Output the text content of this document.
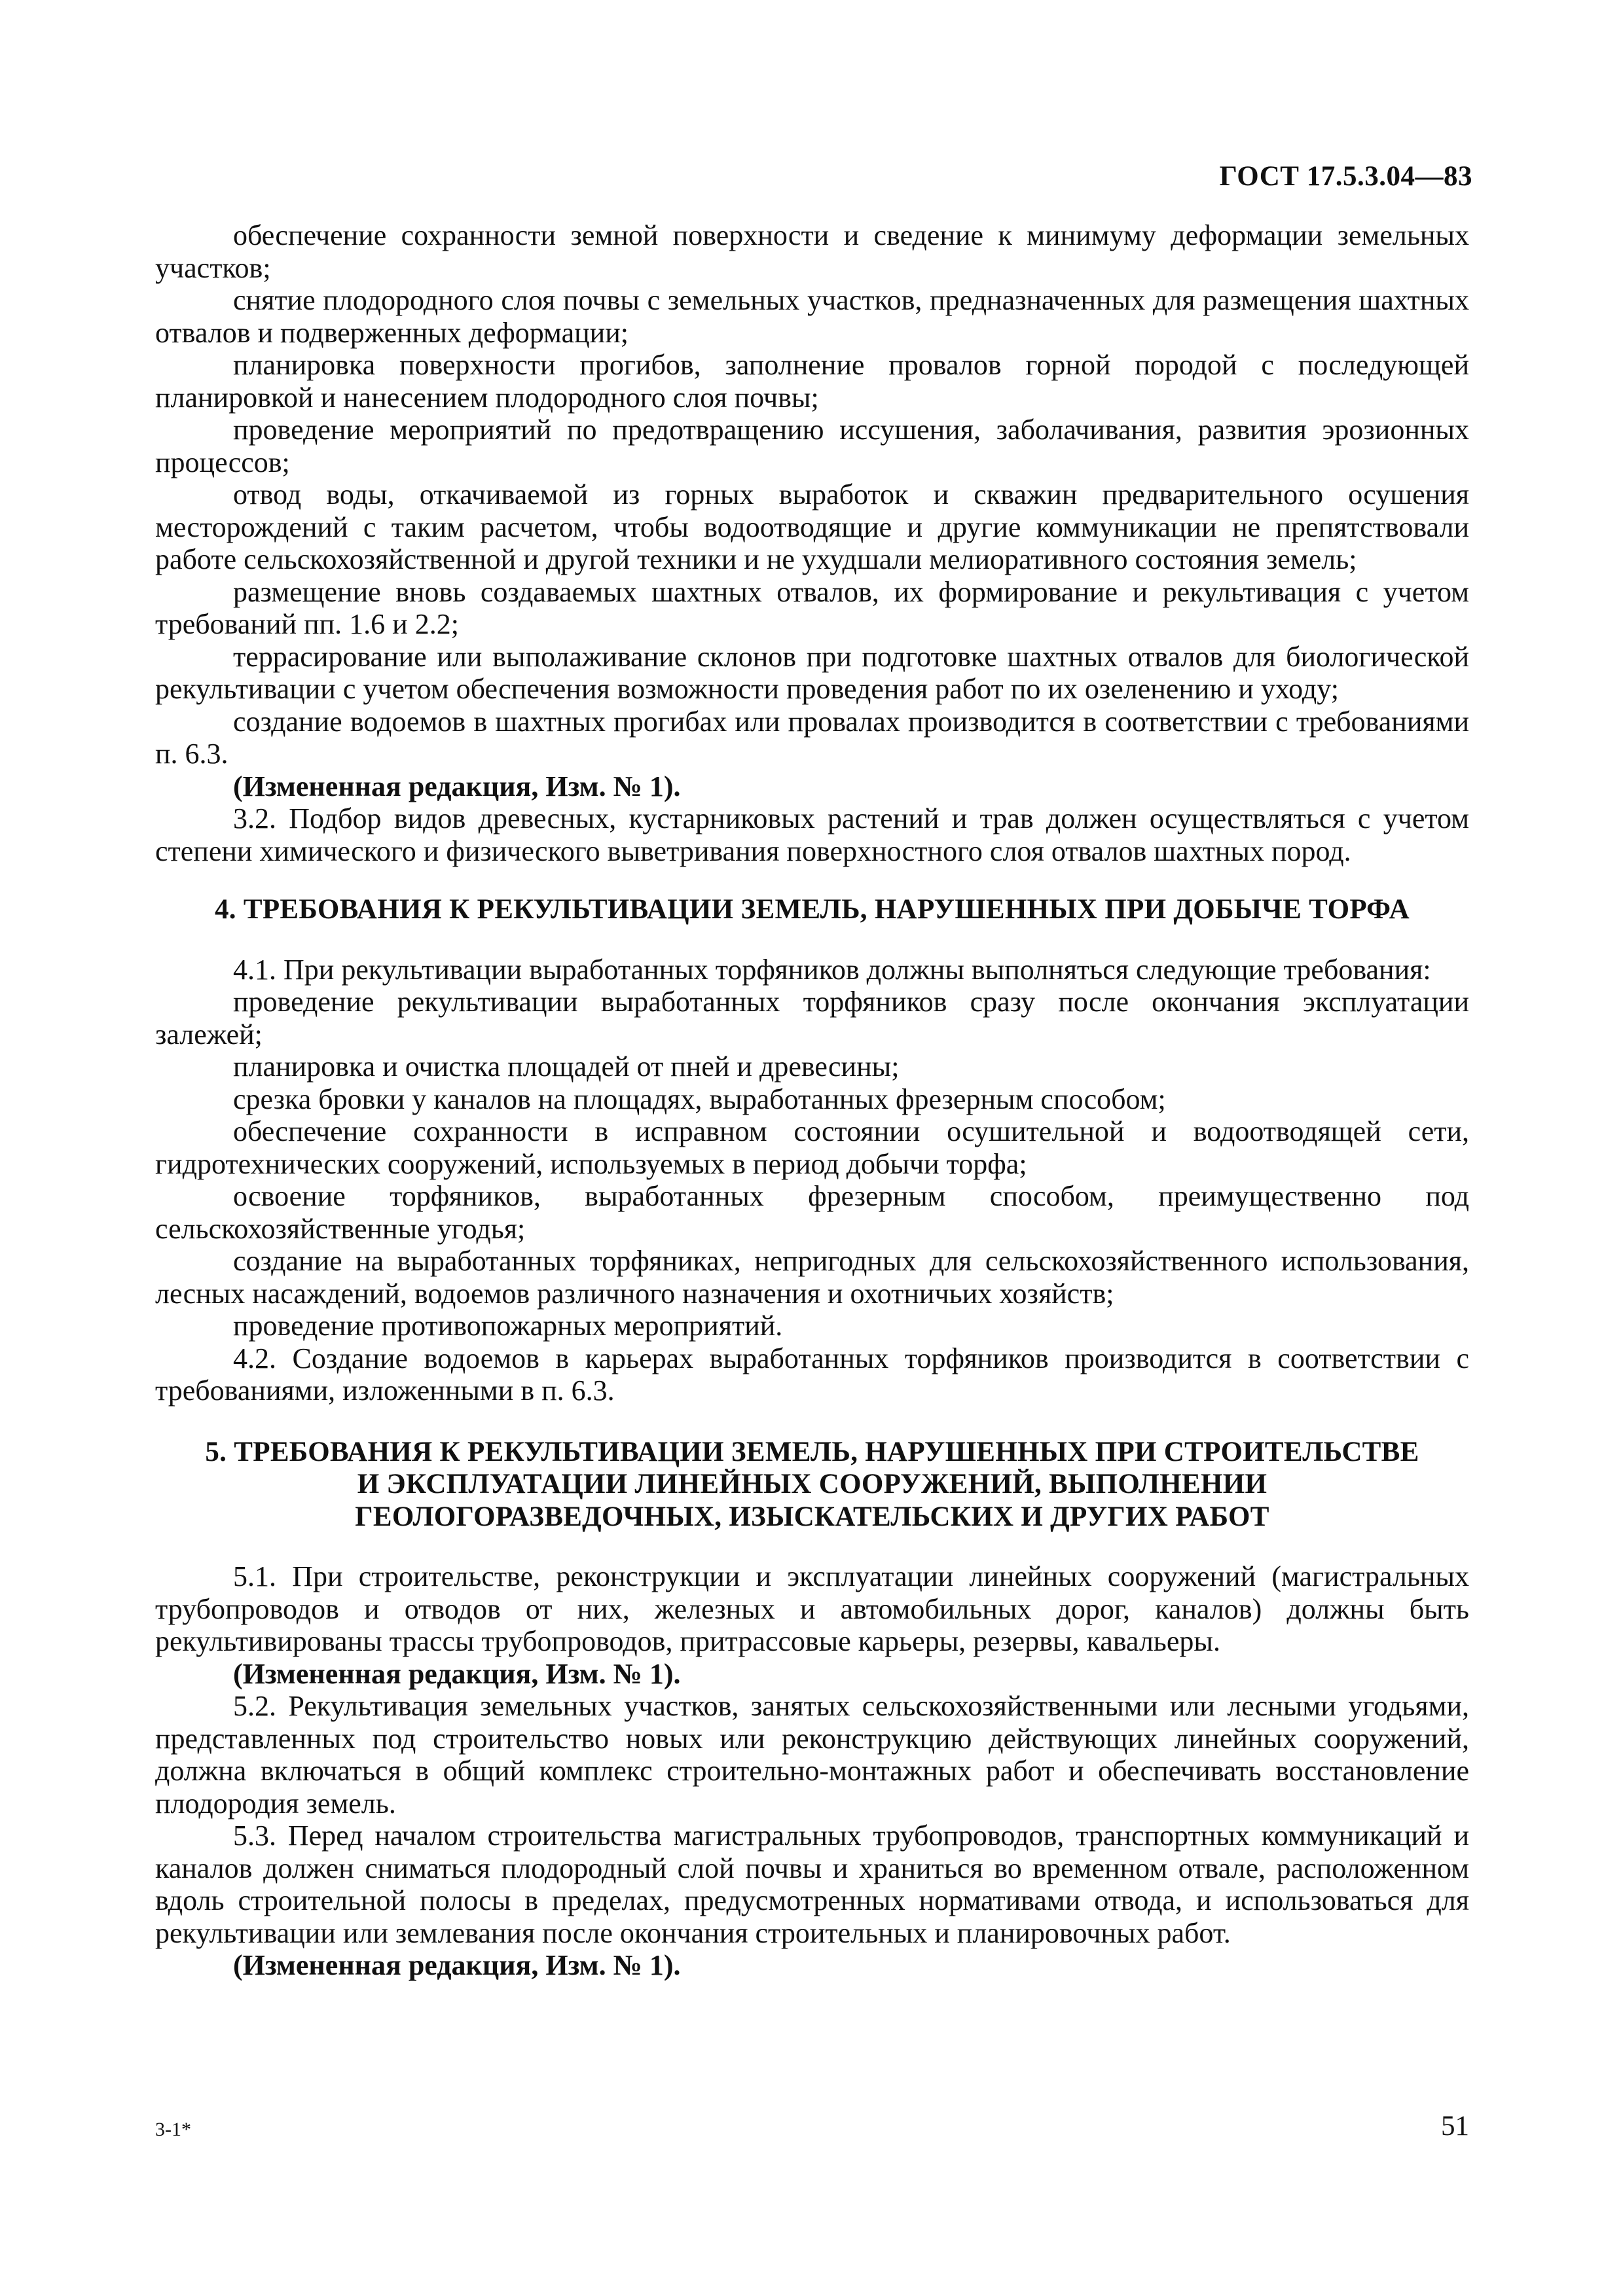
ГОСТ 17.5.3.04—83

обеспечение сохранности земной поверхности и сведение к минимуму деформации земельных участков;

снятие плодородного слоя почвы с земельных участков, предназначенных для размещения шахтных отвалов и подверженных деформации;

планировка поверхности прогибов, заполнение провалов горной породой с последующей планировкой и нанесением плодородного слоя почвы;

проведение мероприятий по предотвращению иссушения, заболачивания, развития эрозионных процессов;

отвод воды, откачиваемой из горных выработок и скважин предварительного осушения месторождений с таким расчетом, чтобы водоотводящие и другие коммуникации не препятствовали работе сельскохозяйственной и другой техники и не ухудшали мелиоративного состояния земель;

размещение вновь создаваемых шахтных отвалов, их формирование и рекультивация с учетом требований пп. 1.6 и 2.2;

террасирование или выполаживание склонов при подготовке шахтных отвалов для биологической рекультивации с учетом обеспечения возможности проведения работ по их озеленению и уходу;

создание водоемов в шахтных прогибах или провалах производится в соответствии с требованиями п. 6.3.

(Измененная редакция, Изм. № 1).

3.2. Подбор видов древесных, кустарниковых растений и трав должен осуществляться с учетом степени химического и физического выветривания поверхностного слоя отвалов шахтных пород.

4. ТРЕБОВАНИЯ К РЕКУЛЬТИВАЦИИ ЗЕМЕЛЬ, НАРУШЕННЫХ ПРИ ДОБЫЧЕ ТОРФА

4.1. При рекультивации выработанных торфяников должны выполняться следующие требования:

проведение рекультивации выработанных торфяников сразу после окончания эксплуатации залежей;

планировка и очистка площадей от пней и древесины;

срезка бровки у каналов на площадях, выработанных фрезерным способом;

обеспечение сохранности в исправном состоянии осушительной и водоотводящей сети, гидротехнических сооружений, используемых в период добычи торфа;

освоение торфяников, выработанных фрезерным способом, преимущественно под сельскохозяйственные угодья;

создание на выработанных торфяниках, непригодных для сельскохозяйственного использования, лесных насаждений, водоемов различного назначения и охотничьих хозяйств;

проведение противопожарных мероприятий.

4.2. Создание водоемов в карьерах выработанных торфяников производится в соответствии с требованиями, изложенными в п. 6.3.

5. ТРЕБОВАНИЯ К РЕКУЛЬТИВАЦИИ ЗЕМЕЛЬ, НАРУШЕННЫХ ПРИ СТРОИТЕЛЬСТВЕ
И ЭКСПЛУАТАЦИИ ЛИНЕЙНЫХ СООРУЖЕНИЙ, ВЫПОЛНЕНИИ
ГЕОЛОГОРАЗВЕДОЧНЫХ, ИЗЫСКАТЕЛЬСКИХ И ДРУГИХ РАБОТ

5.1. При строительстве, реконструкции и эксплуатации линейных сооружений (магистральных трубопроводов и отводов от них, железных и автомобильных дорог, каналов) должны быть рекультивированы трассы трубопроводов, притрассовые карьеры, резервы, кавальеры.

(Измененная редакция, Изм. № 1).

5.2. Рекультивация земельных участков, занятых сельскохозяйственными или лесными угодьями, представленных под строительство новых или реконструкцию действующих линейных сооружений, должна включаться в общий комплекс строительно-монтажных работ и обеспечивать восстановление плодородия земель.

5.3. Перед началом строительства магистральных трубопроводов, транспортных коммуникаций и каналов должен сниматься плодородный слой почвы и храниться во временном отвале, расположенном вдоль строительной полосы в пределах, предусмотренных нормативами отвода, и использоваться для рекультивации или землевания после окончания строительных и планировочных работ.

(Измененная редакция, Изм. № 1).

3-1*	51
